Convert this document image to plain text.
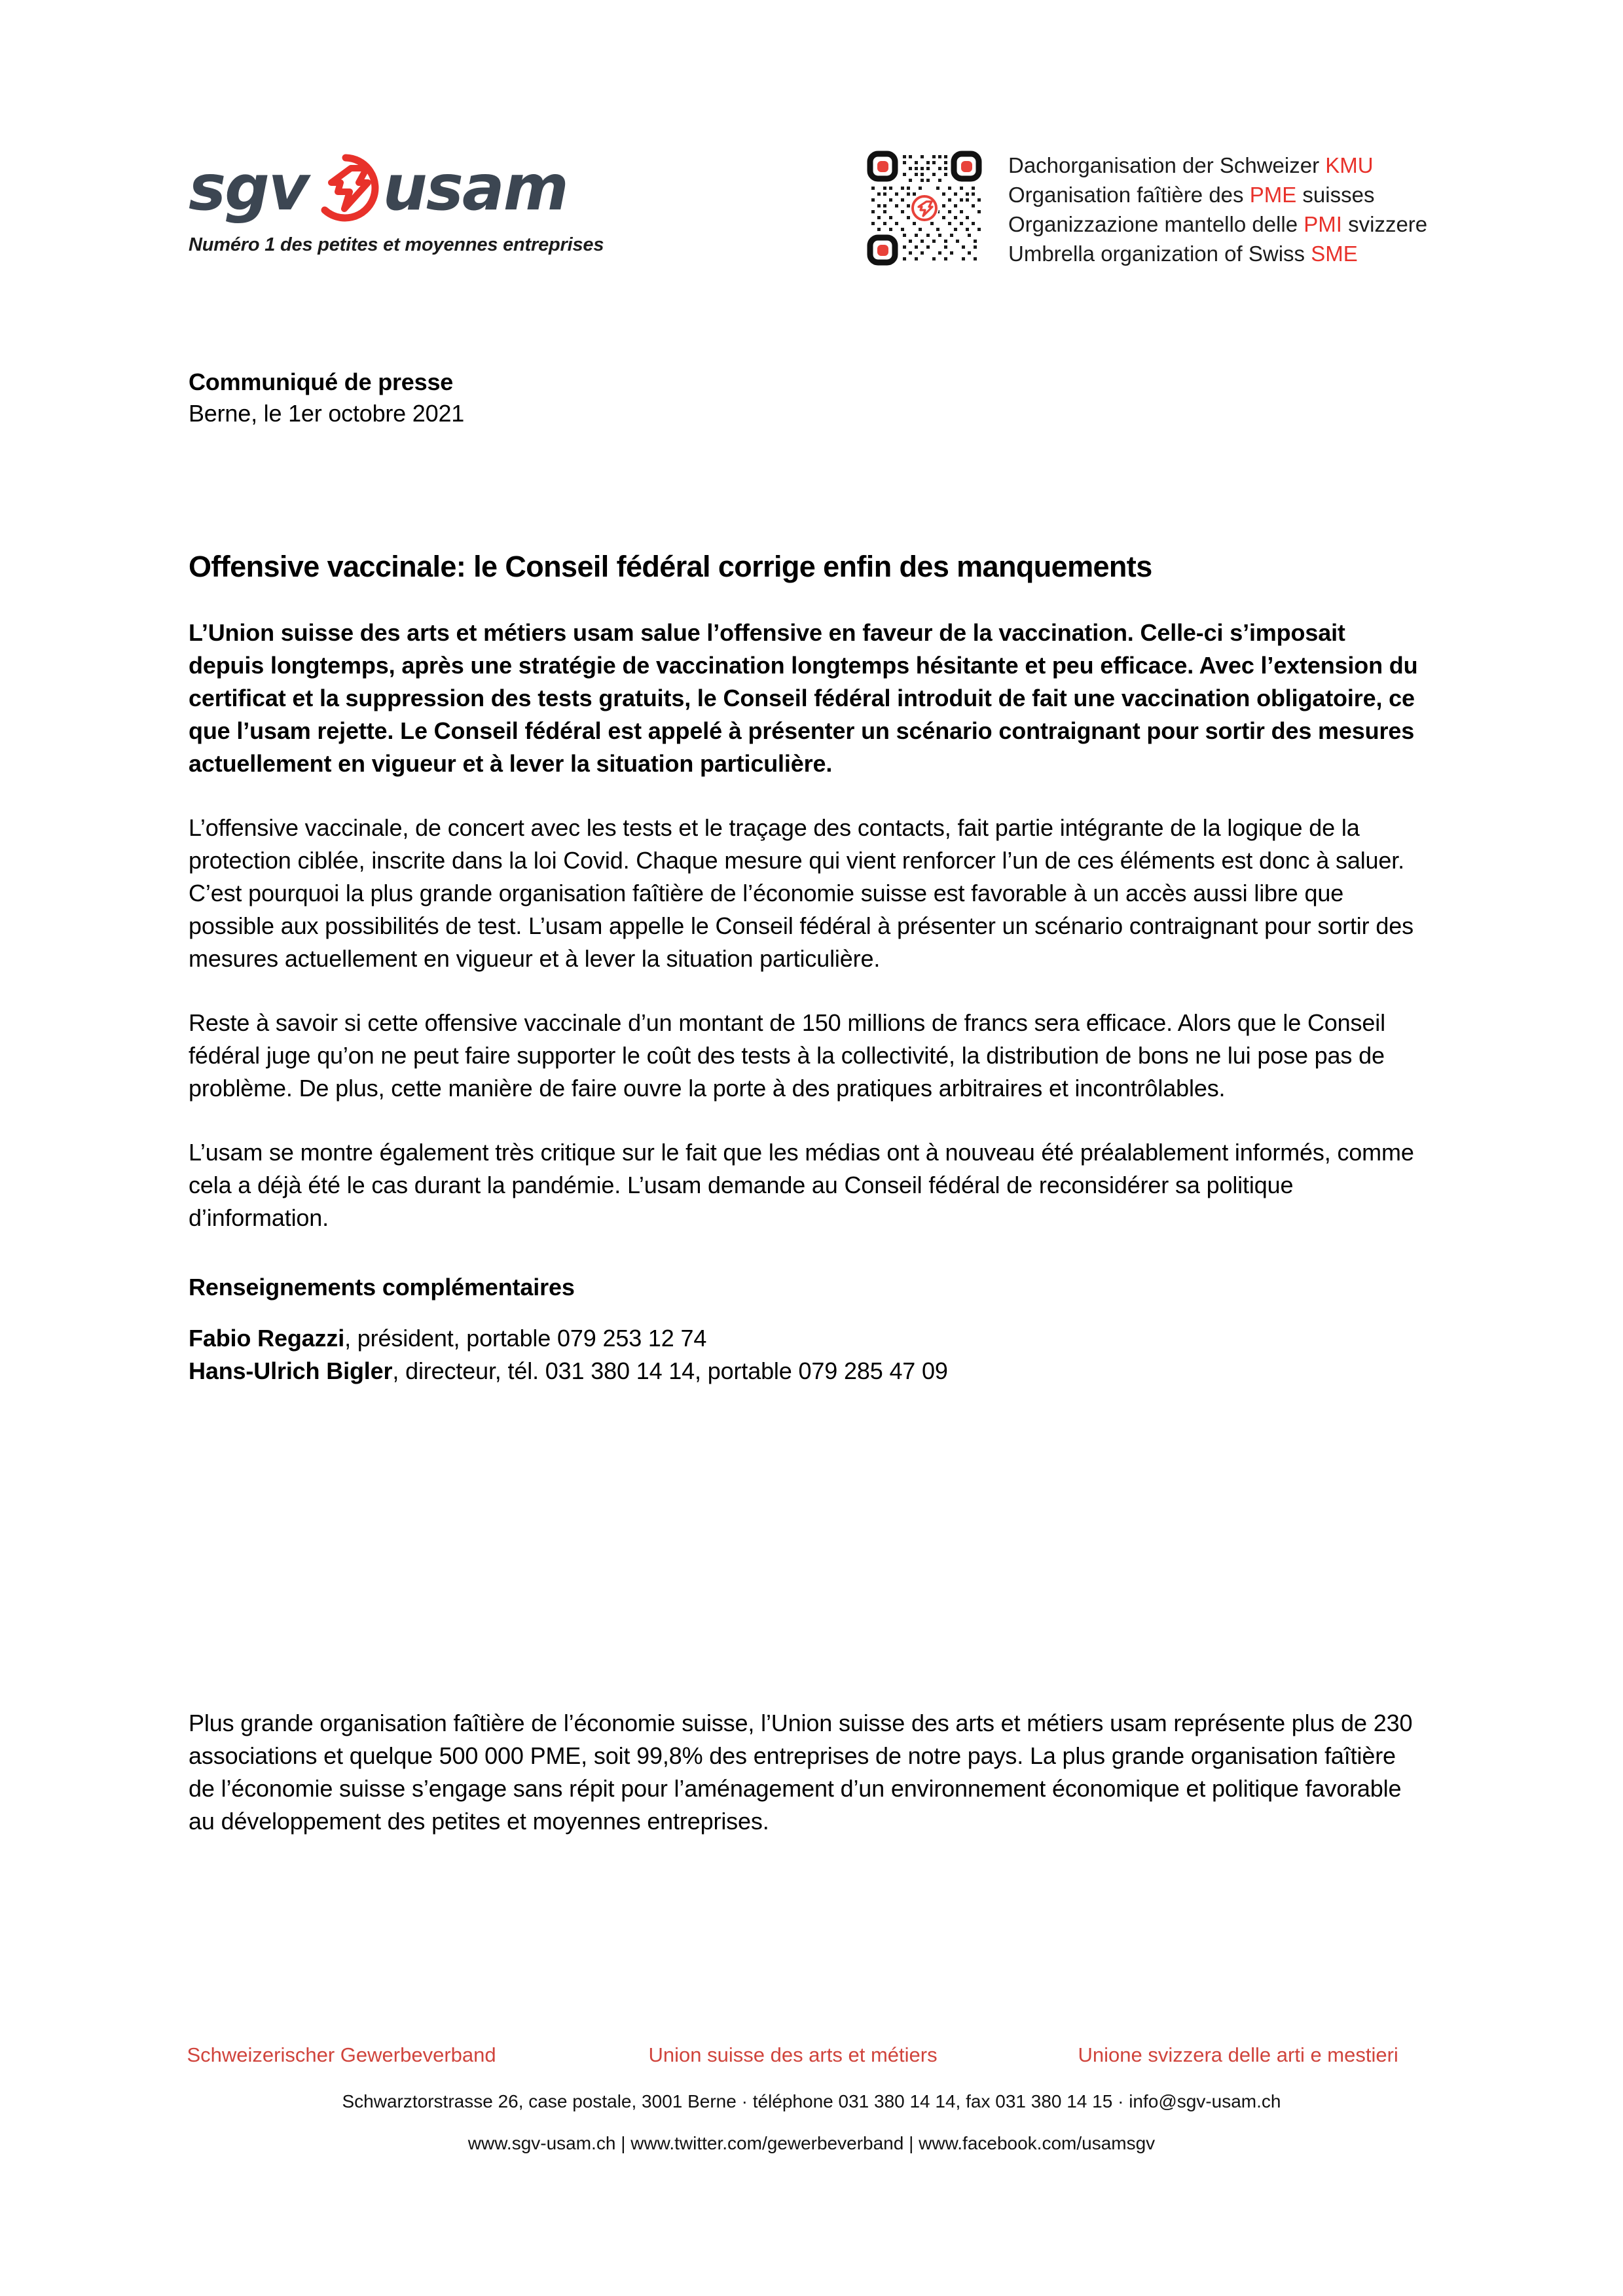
sgv usam
Numéro 1 des petites et moyennes entreprises
Dachorganisation der Schweizer KMU
Organisation faîtière des PME suisses
Organizzazione mantello delle PMI svizzere
Umbrella organization of Swiss SME
Communiqué de presse
Berne, le 1er octobre 2021
Offensive vaccinale: le Conseil fédéral corrige enfin des manquements
L’Union suisse des arts et métiers usam salue l’offensive en faveur de la vaccination. Celle-ci s’imposait depuis longtemps, après une stratégie de vaccination longtemps hésitante et peu efficace. Avec l’extension du certificat et la suppression des tests gratuits, le Conseil fédéral introduit de fait une vaccination obligatoire, ce que l’usam rejette. Le Conseil fédéral est appelé à présenter un scénario contraignant pour sortir des mesures actuellement en vigueur et à lever la situation particulière.

L’offensive vaccinale, de concert avec les tests et le traçage des contacts, fait partie intégrante de la logique de la protection ciblée, inscrite dans la loi Covid. Chaque mesure qui vient renforcer l’un de ces éléments est donc à saluer. C’est pourquoi la plus grande organisation faîtière de l’économie suisse est favorable à un accès aussi libre que possible aux possibilités de test. L’usam appelle le Conseil fédéral à présenter un scénario contraignant pour sortir des mesures actuellement en vigueur et à lever la situation particulière.

Reste à savoir si cette offensive vaccinale d’un montant de 150 millions de francs sera efficace. Alors que le Conseil fédéral juge qu’on ne peut faire supporter le coût des tests à la collectivité, la distribution de bons ne lui pose pas de problème. De plus, cette manière de faire ouvre la porte à des pratiques arbitraires et incontrôlables.

L’usam se montre également très critique sur le fait que les médias ont à nouveau été préalablement informés, comme cela a déjà été le cas durant la pandémie. L’usam demande au Conseil fédéral de reconsidérer sa politique d’information.

Renseignements complémentaires
Fabio Regazzi, président, portable 079 253 12 74
Hans-Ulrich Bigler, directeur, tél. 031 380 14 14, portable 079 285 47 09
Plus grande organisation faîtière de l’économie suisse, l’Union suisse des arts et métiers usam représente plus de 230 associations et quelque 500 000 PME, soit 99,8% des entreprises de notre pays. La plus grande organisation faîtière de l’économie suisse s’engage sans répit pour l’aménagement d’un environnement économique et politique favorable au développement des petites et moyennes entreprises.
Schweizerischer Gewerbeverband	Union suisse des arts et métiers	Unione svizzera delle arti e mestieri
Schwarztorstrasse 26, case postale, 3001 Berne · téléphone 031 380 14 14, fax 031 380 14 15 · info@sgv-usam.ch
www.sgv-usam.ch | www.twitter.com/gewerbeverband | www.facebook.com/usamsgv
